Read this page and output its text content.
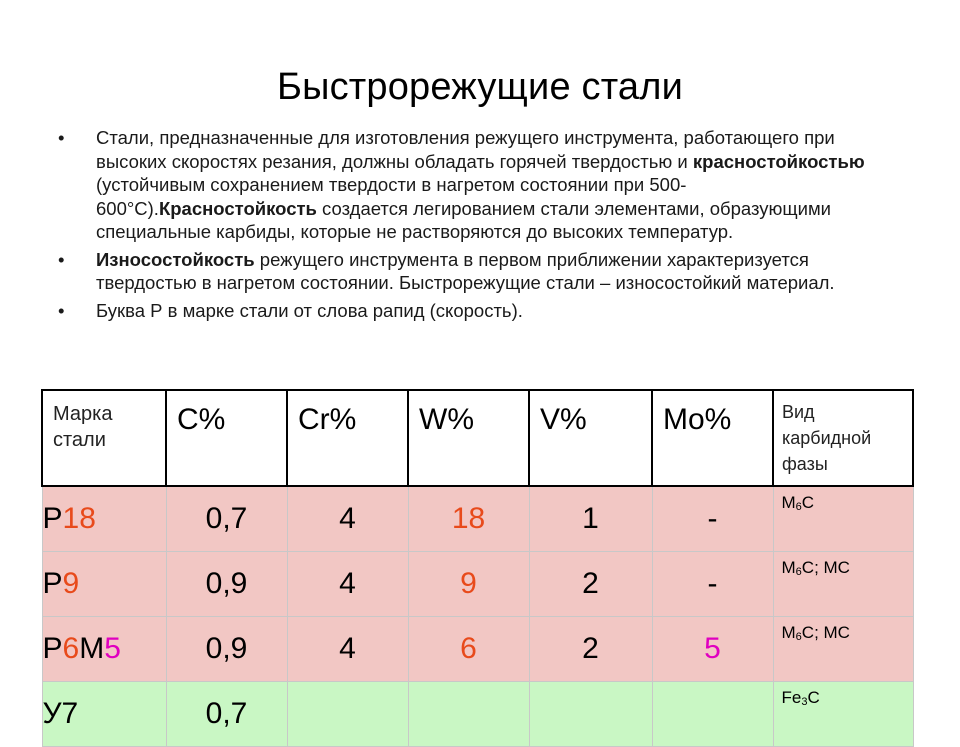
Быстрорежущие стали
• Стали, предназначенные для изготовления режущего инструмента, работающего при высоких скоростях резания, должны обладать горячей твердостью и красностойкостью (устойчивым сохранением твердости в нагретом состоянии при 500-600°С).Красностойкость создается легированием стали элементами, образующими специальные карбиды, которые не растворяются до высоких температур.
• Износостойкость режущего инструмента в первом приближении характеризуется твердостью в нагретом состоянии. Быстрорежущие стали – износостойкий материал.
• Буква Р в марке стали от слова рапид (скорость).
Марка
стали	С%	Cr%	W%	V%	Mo%	Вид
карбидной
фазы

Р18	0,7	4	18	1	-	$М_6С$
Р9	0,9	4	9	2	-	$М_6С$; МС
Р6М5	0,9	4	6	2	5	$М_6С$; МС
У7	0,7					$Fe_3С$
